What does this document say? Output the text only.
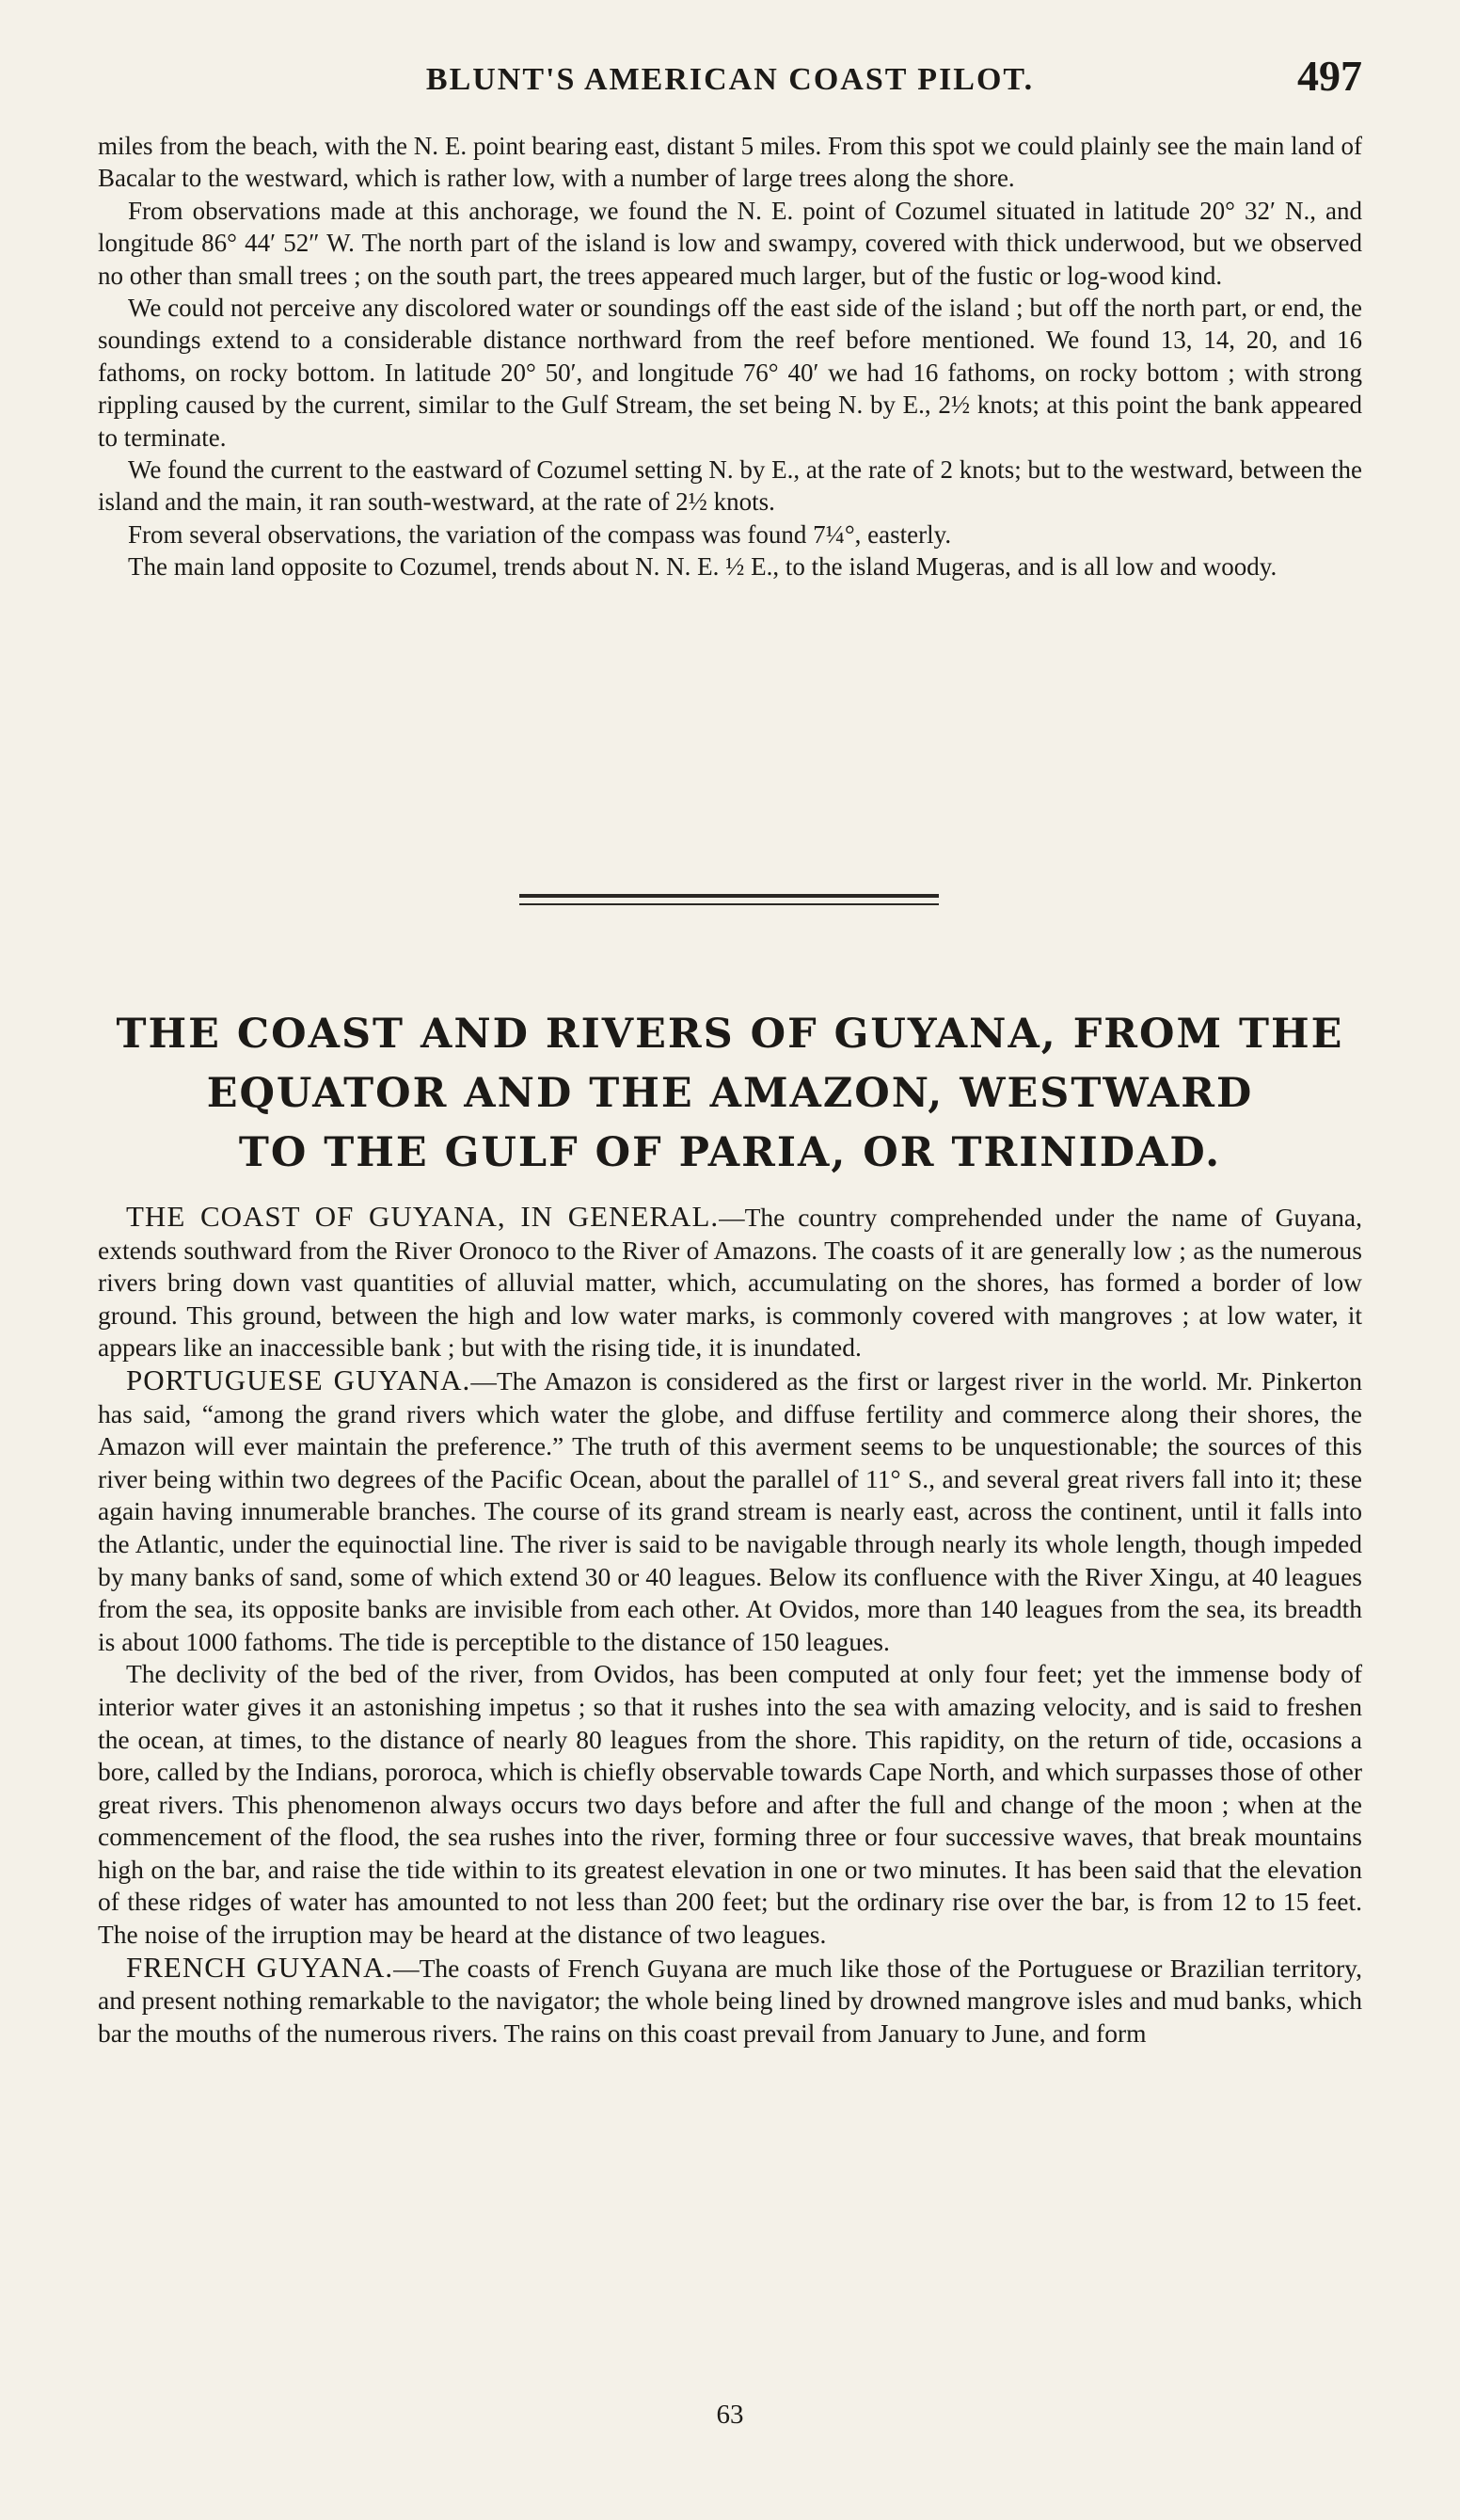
BLUNT'S AMERICAN COAST PILOT.	497

miles from the beach, with the N. E. point bearing east, distant 5 miles. From this spot we could plainly see the main land of Bacalar to the westward, which is rather low, with a number of large trees along the shore.

From observations made at this anchorage, we found the N. E. point of Cozumel situated in latitude 20° 32′ N., and longitude 86° 44′ 52″ W. The north part of the island is low and swampy, covered with thick underwood, but we observed no other than small trees ; on the south part, the trees appeared much larger, but of the fustic or log-wood kind.

We could not perceive any discolored water or soundings off the east side of the island ; but off the north part, or end, the soundings extend to a considerable distance northward from the reef before mentioned. We found 13, 14, 20, and 16 fathoms, on rocky bottom. In latitude 20° 50′, and longitude 76° 40′ we had 16 fathoms, on rocky bottom ; with strong rippling caused by the current, similar to the Gulf Stream, the set being N. by E., 2½ knots; at this point the bank appeared to terminate.

We found the current to the eastward of Cozumel setting N. by E., at the rate of 2 knots; but to the westward, between the island and the main, it ran south-westward, at the rate of 2½ knots.

From several observations, the variation of the compass was found 7¼°, easterly.

The main land opposite to Cozumel, trends about N. N. E. ½ E., to the island Mugeras, and is all low and woody.

THE COAST AND RIVERS OF GUYANA, FROM THE
EQUATOR AND THE AMAZON, WESTWARD
TO THE GULF OF PARIA, OR TRINIDAD.

THE COAST OF GUYANA, IN GENERAL.—The country comprehended under the name of Guyana, extends southward from the River Oronoco to the River of Amazons. The coasts of it are generally low ; as the numerous rivers bring down vast quantities of alluvial matter, which, accumulating on the shores, has formed a border of low ground. This ground, between the high and low water marks, is commonly covered with mangroves ; at low water, it appears like an inaccessible bank ; but with the rising tide, it is inundated.

PORTUGUESE GUYANA.—The Amazon is considered as the first or largest river in the world. Mr. Pinkerton has said, “among the grand rivers which water the globe, and diffuse fertility and commerce along their shores, the Amazon will ever maintain the preference.” The truth of this averment seems to be unquestionable; the sources of this river being within two degrees of the Pacific Ocean, about the parallel of 11° S., and several great rivers fall into it; these again having innumerable branches. The course of its grand stream is nearly east, across the continent, until it falls into the Atlantic, under the equinoctial line. The river is said to be navigable through nearly its whole length, though impeded by many banks of sand, some of which extend 30 or 40 leagues. Below its confluence with the River Xingu, at 40 leagues from the sea, its opposite banks are invisible from each other. At Ovidos, more than 140 leagues from the sea, its breadth is about 1000 fathoms. The tide is perceptible to the distance of 150 leagues.

The declivity of the bed of the river, from Ovidos, has been computed at only four feet; yet the immense body of interior water gives it an astonishing impetus ; so that it rushes into the sea with amazing velocity, and is said to freshen the ocean, at times, to the distance of nearly 80 leagues from the shore. This rapidity, on the return of tide, occasions a bore, called by the Indians, pororoca, which is chiefly observable towards Cape North, and which surpasses those of other great rivers. This phenomenon always occurs two days before and after the full and change of the moon ; when at the commencement of the flood, the sea rushes into the river, forming three or four successive waves, that break mountains high on the bar, and raise the tide within to its greatest elevation in one or two minutes. It has been said that the elevation of these ridges of water has amounted to not less than 200 feet; but the ordinary rise over the bar, is from 12 to 15 feet. The noise of the irruption may be heard at the distance of two leagues.

FRENCH GUYANA.—The coasts of French Guyana are much like those of the Portuguese or Brazilian territory, and present nothing remarkable to the navigator; the whole being lined by drowned mangrove isles and mud banks, which bar the mouths of the numerous rivers. The rains on this coast prevail from January to June, and form

63
